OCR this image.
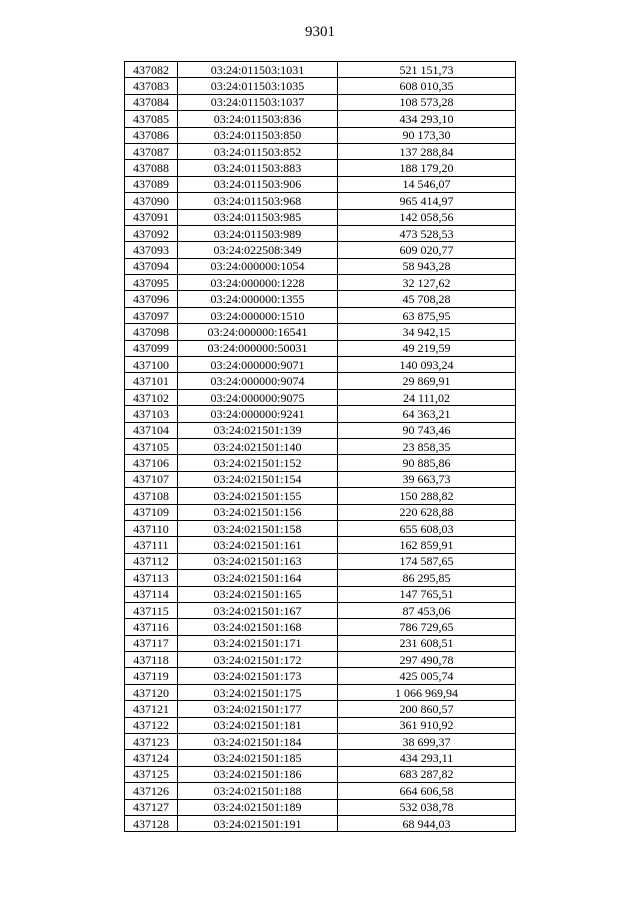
9301
437082	03:24:011503:1031	521 151,73
437083	03:24:011503:1035	608 010,35
437084	03:24:011503:1037	108 573,28
437085	03:24:011503:836	434 293,10
437086	03:24:011503:850	90 173,30
437087	03:24:011503:852	137 288,84
437088	03:24:011503:883	188 179,20
437089	03:24:011503:906	14 546,07
437090	03:24:011503:968	965 414,97
437091	03:24:011503:985	142 058,56
437092	03:24:011503:989	473 528,53
437093	03:24:022508:349	609 020,77
437094	03:24:000000:1054	58 943,28
437095	03:24:000000:1228	32 127,62
437096	03:24:000000:1355	45 708,28
437097	03:24:000000:1510	63 875,95
437098	03:24:000000:16541	34 942,15
437099	03:24:000000:50031	49 219,59
437100	03:24:000000:9071	140 093,24
437101	03:24:000000:9074	29 869,91
437102	03:24:000000:9075	24 111,02
437103	03:24:000000:9241	64 363,21
437104	03:24:021501:139	90 743,46
437105	03:24:021501:140	23 858,35
437106	03:24:021501:152	90 885,86
437107	03:24:021501:154	39 663,73
437108	03:24:021501:155	150 288,82
437109	03:24:021501:156	220 628,88
437110	03:24:021501:158	655 608,03
437111	03:24:021501:161	162 859,91
437112	03:24:021501:163	174 587,65
437113	03:24:021501:164	86 295,85
437114	03:24:021501:165	147 765,51
437115	03:24:021501:167	87 453,06
437116	03:24:021501:168	786 729,65
437117	03:24:021501:171	231 608,51
437118	03:24:021501:172	297 490,78
437119	03:24:021501:173	425 005,74
437120	03:24:021501:175	1 066 969,94
437121	03:24:021501:177	200 860,57
437122	03:24:021501:181	361 910,92
437123	03:24:021501:184	38 699,37
437124	03:24:021501:185	434 293,11
437125	03:24:021501:186	683 287,82
437126	03:24:021501:188	664 606,58
437127	03:24:021501:189	532 038,78
437128	03:24:021501:191	68 944,03
